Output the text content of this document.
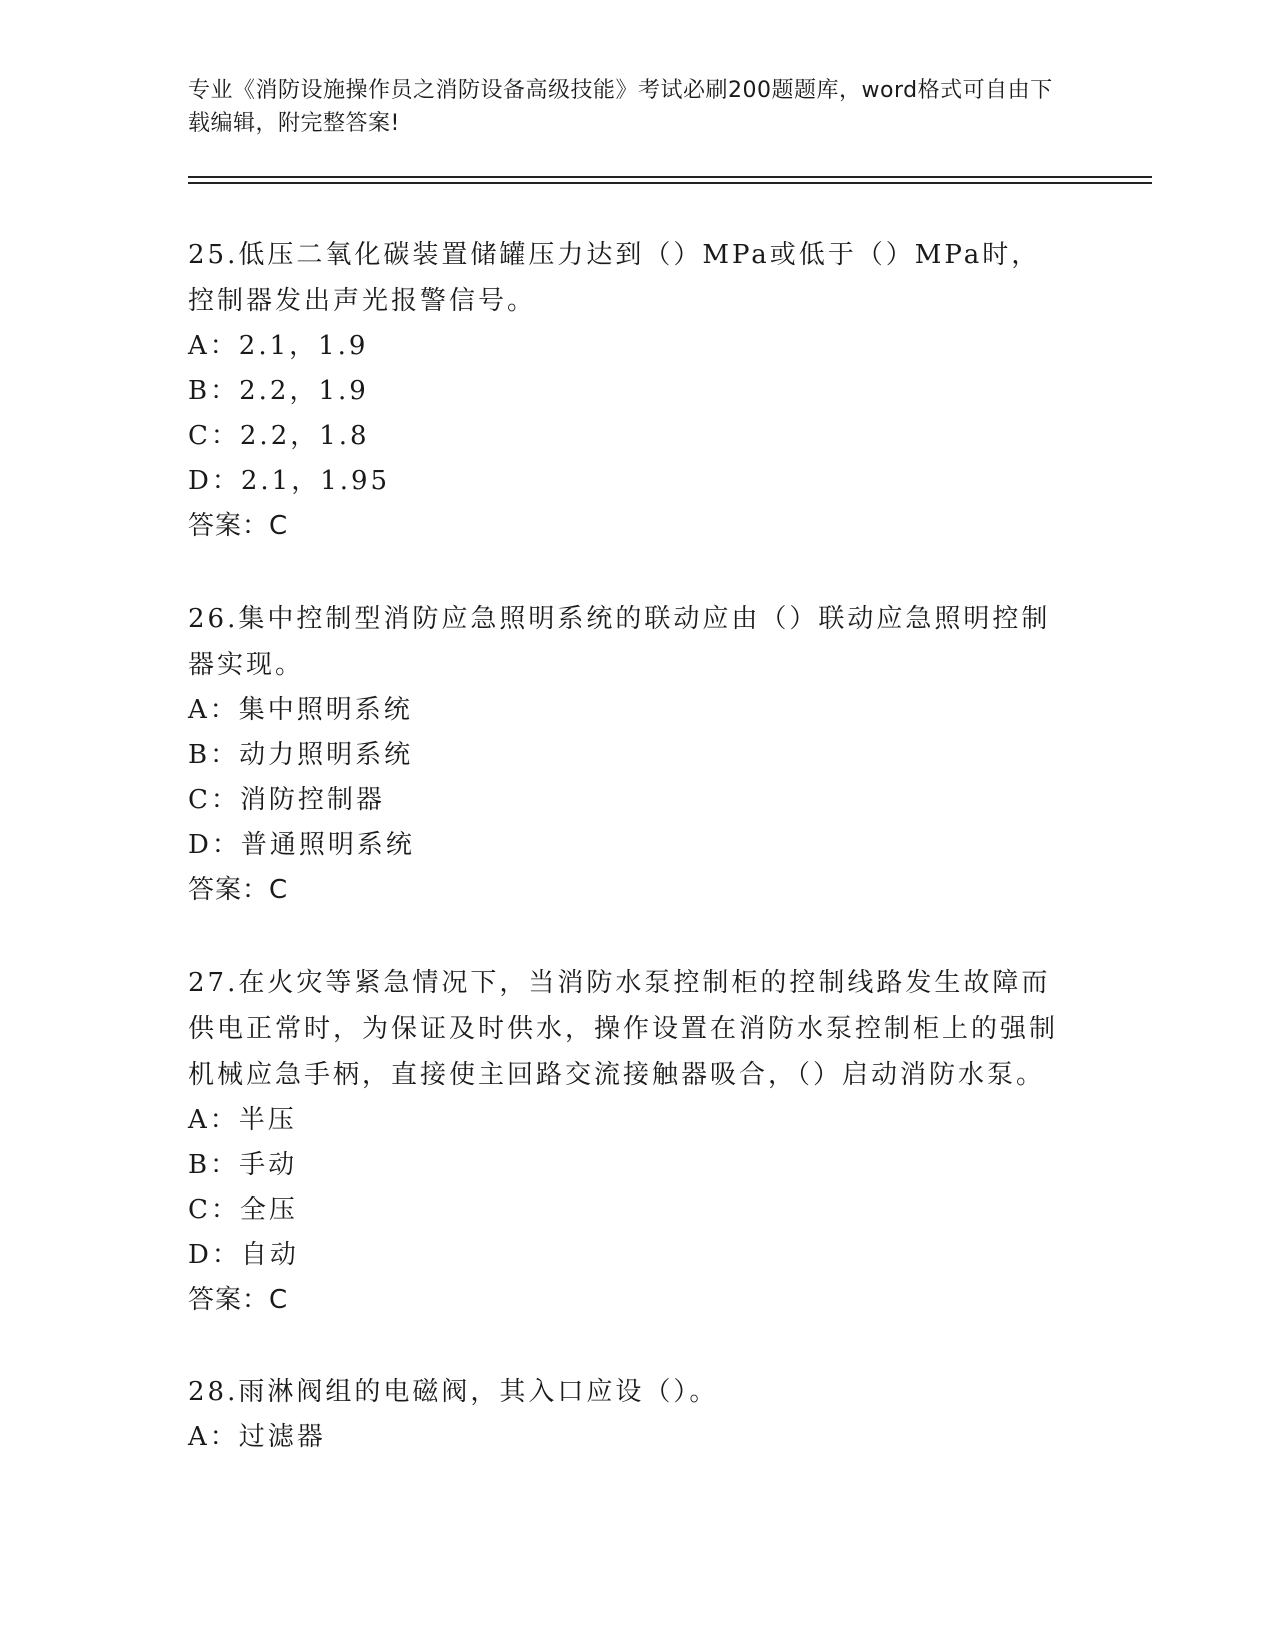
专业《消防设施操作员之消防设备高级技能》考试必刷200题题库，word格式可自由下载编辑，附完整答案!
25.低压二氧化碳装置储罐压力达到（）MPa或低于（）MPa时，控制器发出声光报警信号。
A：2.1，1.9
B：2.2，1.9
C：2.2，1.8
D：2.1，1.95
答案：C
26.集中控制型消防应急照明系统的联动应由（）联动应急照明控制器实现。
A：集中照明系统
B：动力照明系统
C：消防控制器
D：普通照明系统
答案：C
27.在火灾等紧急情况下，当消防水泵控制柜的控制线路发生故障而供电正常时，为保证及时供水，操作设置在消防水泵控制柜上的强制机械应急手柄，直接使主回路交流接触器吸合，（）启动消防水泵。
A：半压
B：手动
C：全压
D：自动
答案：C
28.雨淋阀组的电磁阀，其入口应设（）。
A：过滤器
